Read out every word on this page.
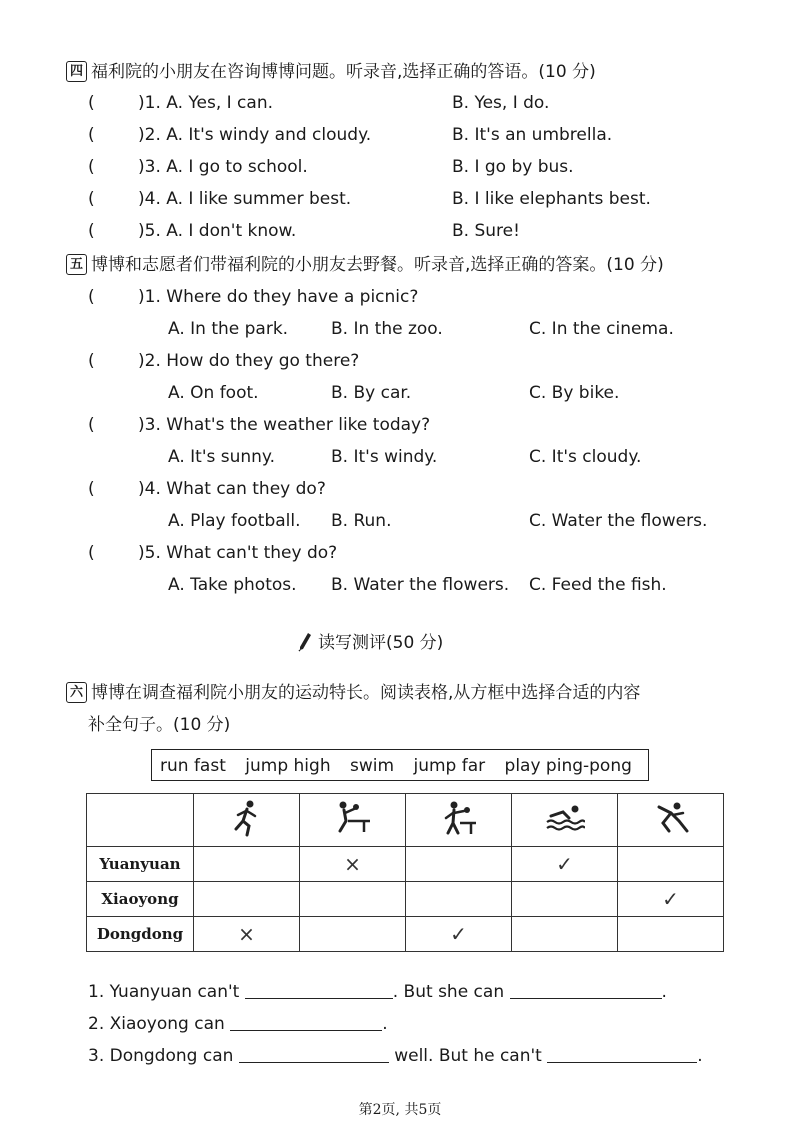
四 福利院的小朋友在咨询博博问题。听录音,选择正确的答语。(10 分)
(	)1. A. Yes, I can.	B. Yes, I do.
(	)2. A. It's windy and cloudy.	B. It's an umbrella.
(	)3. A. I go to school.	B. I go by bus.
(	)4. A. I like summer best.	B. I like elephants best.
(	)5. A. I don't know.	B. Sure!
五 博博和志愿者们带福利院的小朋友去野餐。听录音,选择正确的答案。(10 分)
(	)1. Where do they have a picnic?
A. In the park.	B. In the zoo.	C. In the cinema.
(	)2. How do they go there?
A. On foot.	B. By car.	C. By bike.
(	)3. What's the weather like today?
A. It's sunny.	B. It's windy.	C. It's cloudy.
(	)4. What can they do?
A. Play football. B. Run.	C. Water the flowers.
(	)5. What can't they do?
A. Take photos. B. Water the flowers. C. Feed the fish.
读写测评(50 分)
六 博博在调查福利院小朋友的运动特长。阅读表格,从方框中选择合适的内容
补全句子。(10 分)
run fast jump high swim jump far play ping-pong

Yuanyuan		×		✓	
Xiaoyong					✓
Dongdong	×		✓		
1. Yuanyuan can't	. But she can	.
2. Xiaoyong can	.
3. Dongdong can	well. But he can't	.
第2页, 共5页
